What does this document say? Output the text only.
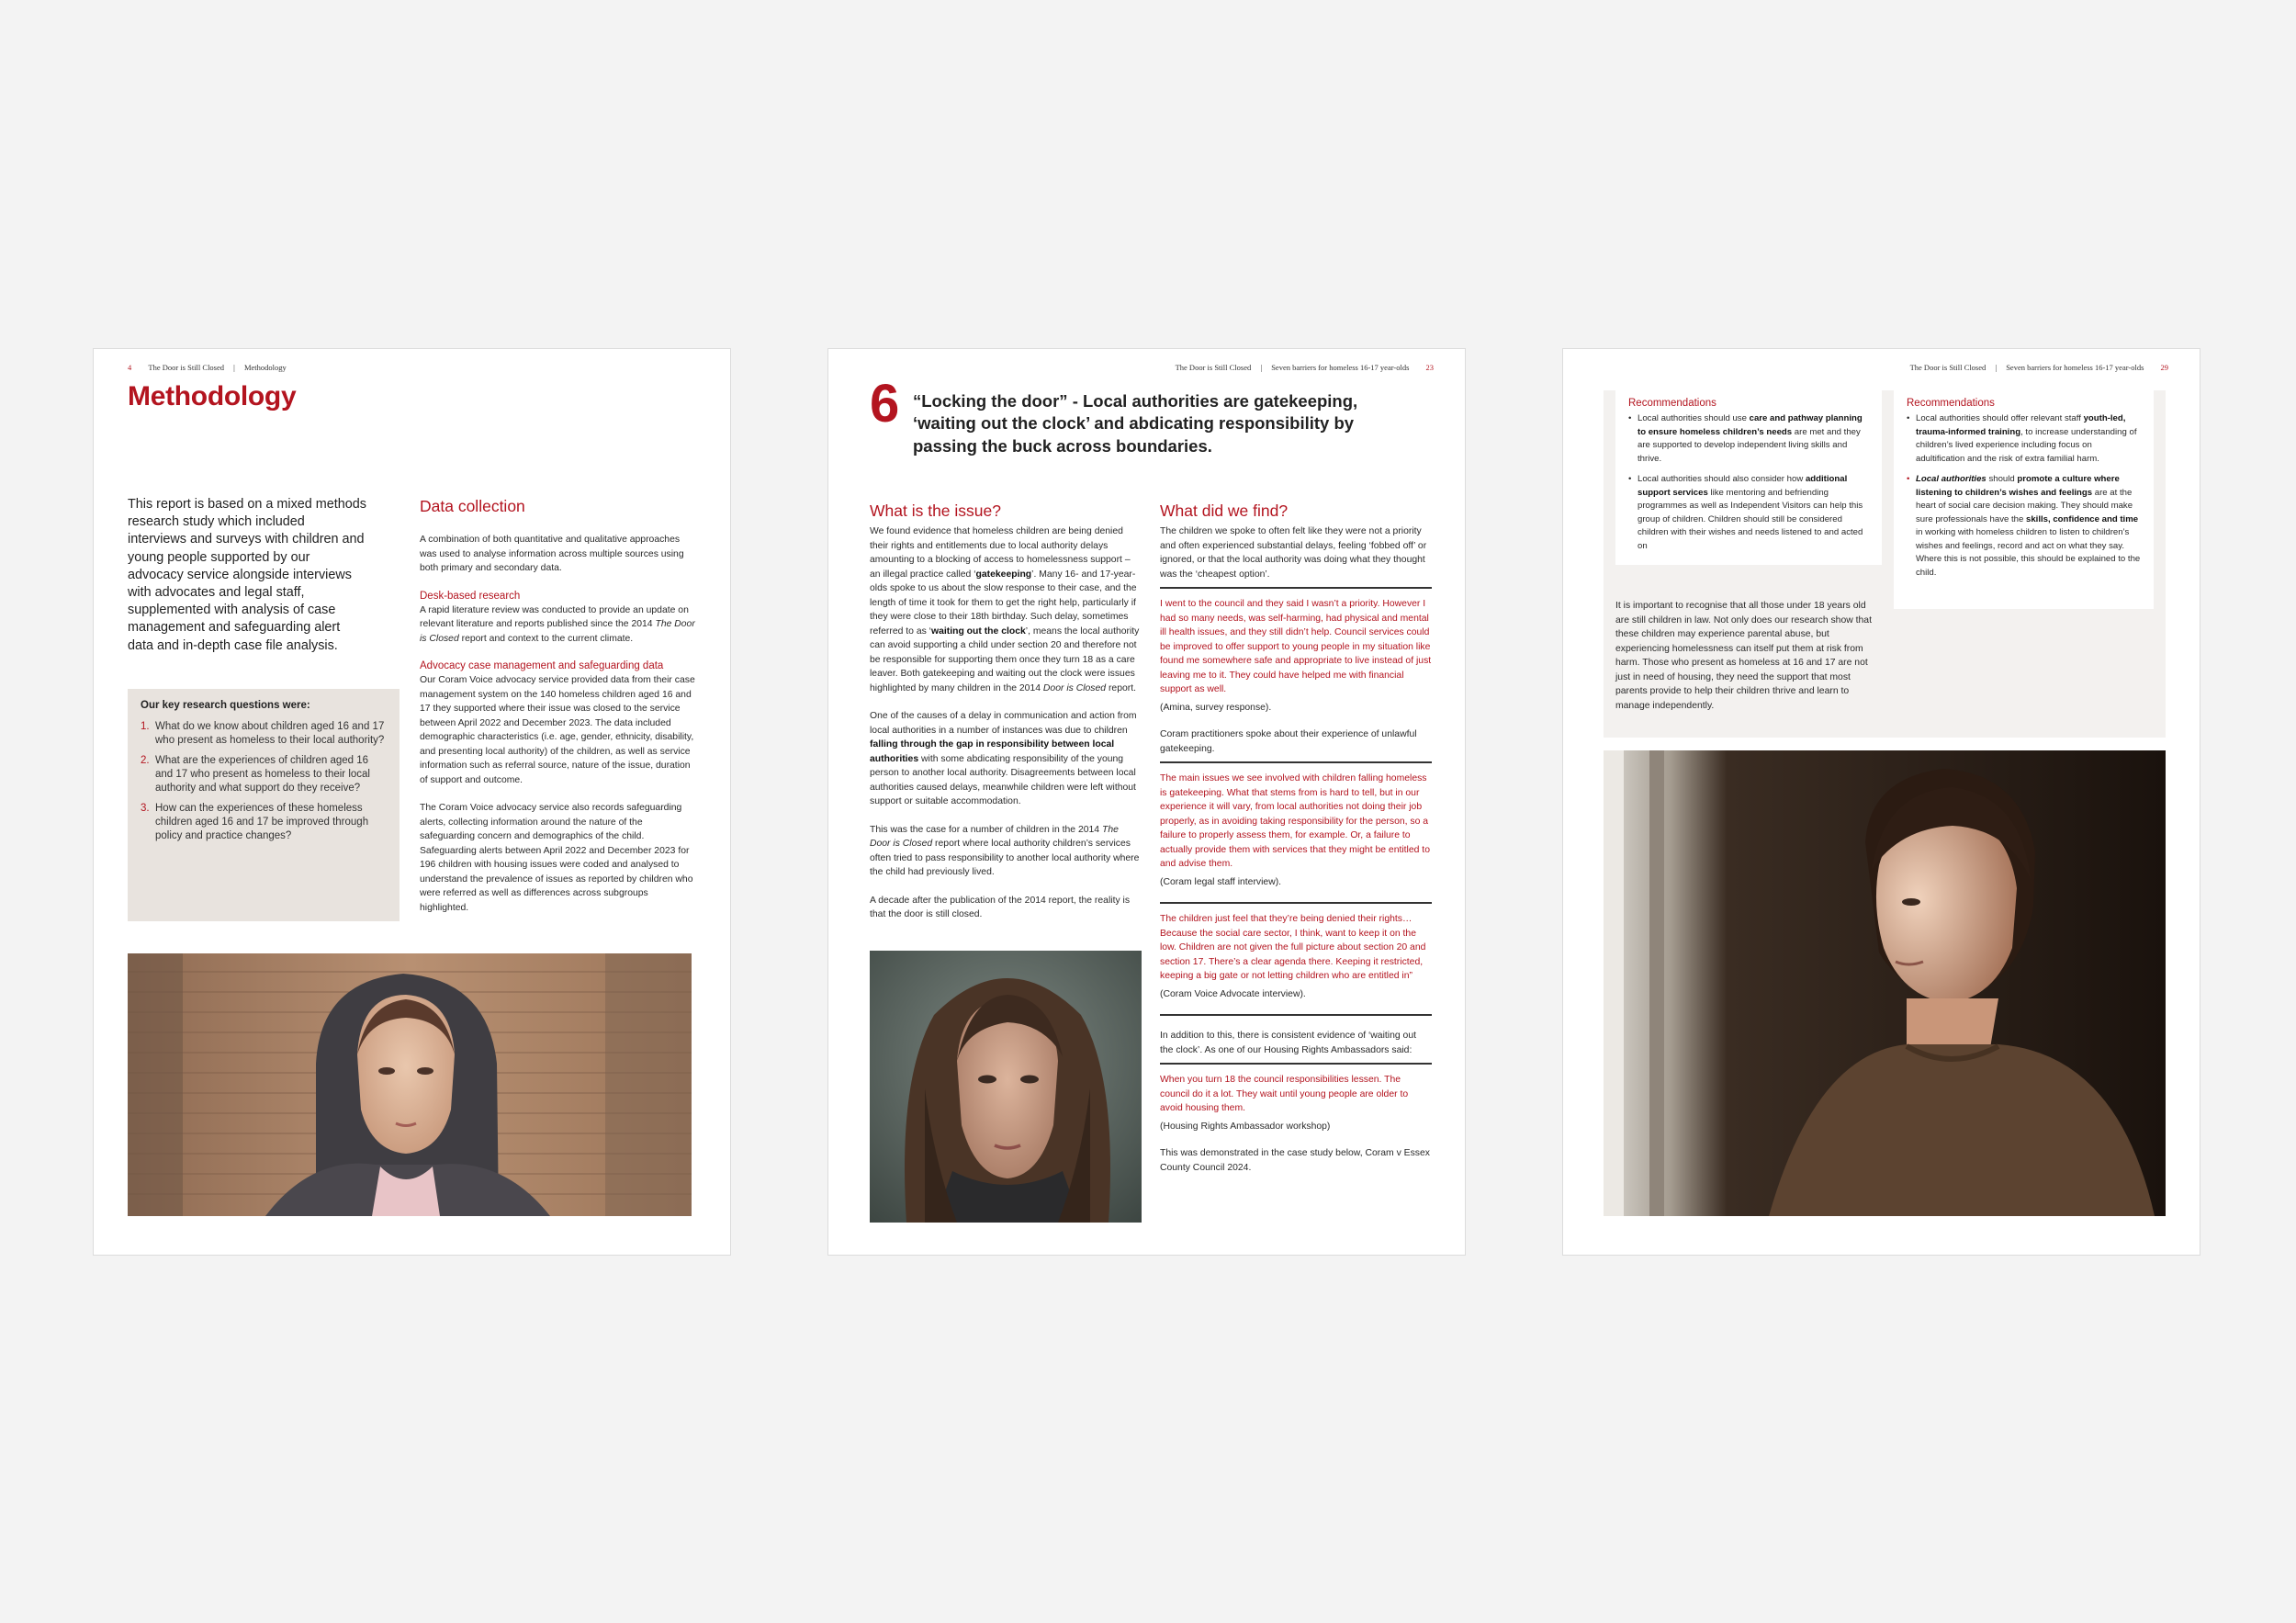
4 The Door is Still Closed | Methodology
Methodology

This report is based on a mixed methods research study which included interviews and surveys with children and young people supported by our advocacy service alongside interviews with advocates and legal staff, supplemented with analysis of case management and safeguarding alert data and in-depth case file analysis.

Our key research questions were:
1. What do we know about children aged 16 and 17 who present as homeless to their local authority?
2. What are the experiences of children aged 16 and 17 who present as homeless to their local authority and what support do they receive?
3. How can the experiences of these homeless children aged 16 and 17 be improved through policy and practice changes?
Data collection

A combination of both quantitative and qualitative approaches was used to analyse information across multiple sources using both primary and secondary data.

Desk-based research

A rapid literature review was conducted to provide an update on relevant literature and reports published since the 2014 The Door is Closed report and context to the current climate.

Advocacy case management and safeguarding data

Our Coram Voice advocacy service provided data from their case management system on the 140 homeless children aged 16 and 17 they supported where their issue was closed to the service between April 2022 and December 2023. The data included demographic characteristics (i.e. age, gender, ethnicity, disability, and presenting local authority) of the children, as well as service information such as referral source, nature of the issue, duration of support and outcome.

The Coram Voice advocacy service also records safeguarding alerts, collecting information around the nature of the safeguarding concern and demographics of the child. Safeguarding alerts between April 2022 and December 2023 for 196 children with housing issues were coded and analysed to understand the prevalence of issues as reported by children who were referred as well as differences across subgroups highlighted.

The Door is Still Closed | Seven barriers for homeless 16-17 year-olds 23
6 “Locking the door” - Local authorities are gatekeeping, ‘waiting out the clock’ and abdicating responsibility by passing the buck across boundaries.
What is the issue?

We found evidence that homeless children are being denied their rights and entitlements due to local authority delays amounting to a blocking of access to homelessness support – an illegal practice called ‘gatekeeping’. Many 16- and 17-year-olds spoke to us about the slow response to their case, and the length of time it took for them to get the right help, particularly if they were close to their 18th birthday. Such delay, sometimes referred to as ‘waiting out the clock’, means the local authority can avoid supporting a child under section 20 and therefore not be responsible for supporting them once they turn 18 as a care leaver. Both gatekeeping and waiting out the clock were issues highlighted by many children in the 2014 Door is Closed report.

One of the causes of a delay in communication and action from local authorities in a number of instances was due to children falling through the gap in responsibility between local authorities with some abdicating responsibility of the young person to another local authority. Disagreements between local authorities caused delays, meanwhile children were left without support or suitable accommodation.

This was the case for a number of children in the 2014 The Door is Closed report where local authority children’s services often tried to pass responsibility to another local authority where the child had previously lived.

A decade after the publication of the 2014 report, the reality is that the door is still closed.

What did we find?

The children we spoke to often felt like they were not a priority and often experienced substantial delays, feeling ‘fobbed off’ or ignored, or that the local authority was doing what they thought was the ‘cheapest option’.

I went to the council and they said I wasn’t a priority. However I had so many needs, was self-harming, had physical and mental ill health issues, and they still didn’t help. Council services could be improved to offer support to young people in my situation like found me somewhere safe and appropriate to live instead of just leaving me to it. They could have helped me with financial support as well.
(Amina, survey response).

Coram practitioners spoke about their experience of unlawful gatekeeping.

The main issues we see involved with children falling homeless is gatekeeping. What that stems from is hard to tell, but in our experience it will vary, from local authorities not doing their job properly, as in avoiding taking responsibility for the person, so a failure to properly assess them, for example. Or, a failure to actually provide them with services that they might be entitled to and advise them.
(Coram legal staff interview).
The children just feel that they’re being denied their rights… Because the social care sector, I think, want to keep it on the low. Children are not given the full picture about section 20 and section 17. There’s a clear agenda there. Keeping it restricted, keeping a big gate or not letting children who are entitled in”
(Coram Voice Advocate interview).

In addition to this, there is consistent evidence of ‘waiting out the clock’. As one of our Housing Rights Ambassadors said:

When you turn 18 the council responsibilities lessen. The council do it a lot. They wait until young people are older to avoid housing them.
(Housing Rights Ambassador workshop)

This was demonstrated in the case study below, Coram v Essex County Council 2024.

The Door is Still Closed | Seven barriers for homeless 16-17 year-olds 29
Recommendations
• Local authorities should use care and pathway planning to ensure homeless children’s needs are met and they are supported to develop independent living skills and thrive.
• Local authorities should also consider how additional support services like mentoring and befriending programmes as well as Independent Visitors can help this group of children. Children should still be considered children with their wishes and needs listened to and acted on
Recommendations
• Local authorities should offer relevant staff youth-led, trauma-informed training, to increase understanding of children’s lived experience including focus on adultification and the risk of extra familial harm.
• Local authorities should promote a culture where listening to children’s wishes and feelings are at the heart of social care decision making. They should make sure professionals have the skills, confidence and time in working with homeless children to listen to children’s wishes and feelings, record and act on what they say. Where this is not possible, this should be explained to the child.

It is important to recognise that all those under 18 years old are still children in law. Not only does our research show that these children may experience parental abuse, but experiencing homelessness can itself put them at risk from harm. Those who present as homeless at 16 and 17 are not just in need of housing, they need the support that most parents provide to help their children thrive and learn to manage independently.
